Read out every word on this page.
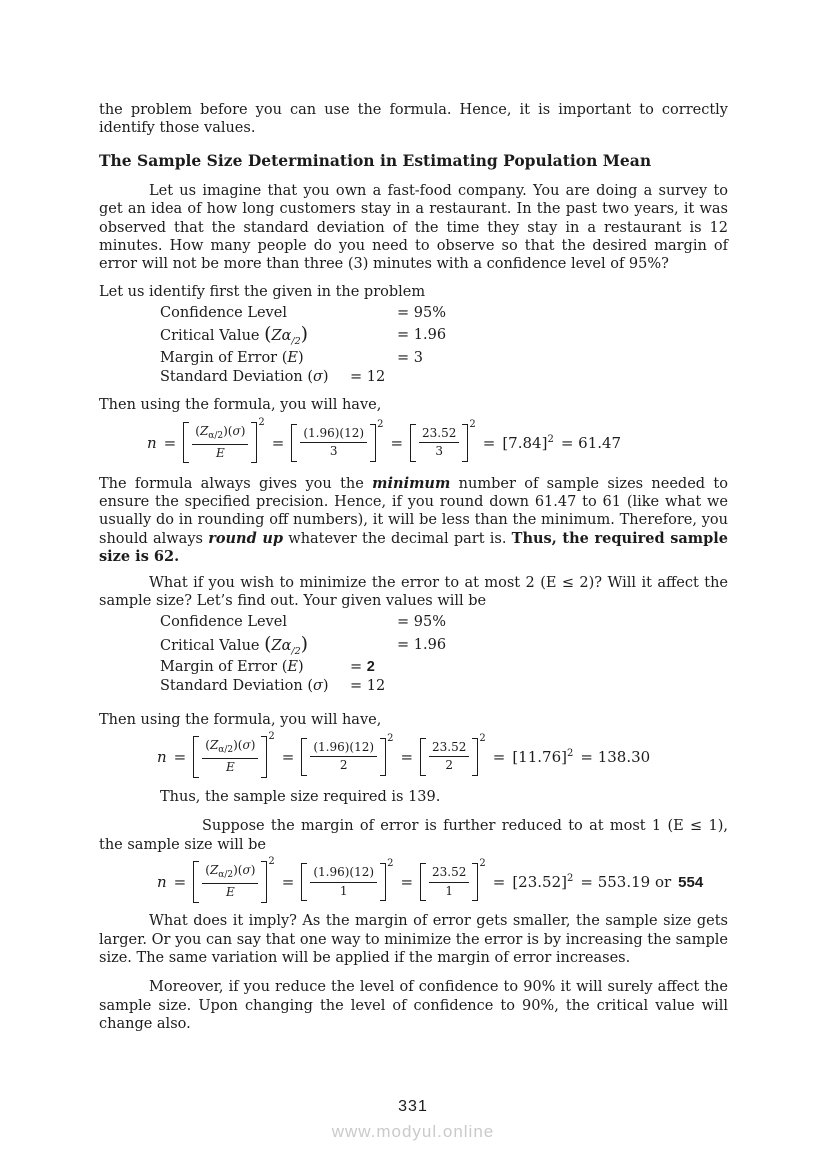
the problem before you can use the formula. Hence, it is important to correctly identify those values.

The Sample Size Determination in Estimating Population Mean

Let us imagine that you own a fast-food company. You are doing a survey to get an idea of how long customers stay in a restaurant. In the past two years, it was observed that the standard deviation of the time they stay in a restaurant is 12 minutes. How many people do you need to observe so that the desired margin of error will not be more than three (3) minutes with a confidence level of 95%?

Let us identify first the given in the problem

Confidence Level	= 95%
Critical Value $(Z\alpha_{/2})$	= 1.96
Margin of Error (E)	= 3
Standard Deviation (σ) = 12

Then using the formula, you will have,

$n = \frac{(Z_{\alpha/2})(\sigma)}{E} 2$
= $\frac{(1.96)(12)}{3} 2$
= $\frac{23.52}{3} 2$
= $[7.84]^2 = 61.47$

The formula always gives you the minimum number of sample sizes needed to ensure the specified precision. Hence, if you round down 61.47 to 61 (like what we usually do in rounding off numbers), it will be less than the minimum. Therefore, you should always round up whatever the decimal part is. Thus, the required sample size is 62.

What if you wish to minimize the error to at most 2 (E ≤ 2)? Will it affect the sample size? Let’s find out. Your given values will be

Confidence Level	= 95%
Critical Value $(Z\alpha_{/2})$	= 1.96
Margin of Error (E)	= 2
Standard Deviation (σ) = 12

Then using the formula, you will have,

$n = \frac{(Z_{\alpha/2})(\sigma)}{E} 2$
= $\frac{(1.96)(12)}{2} 2$
= $\frac{23.52}{2} 2$
= $[11.76]^2 = 138.30$

Thus, the sample size required is 139.

Suppose the margin of error is further reduced to at most 1 (E ≤ 1), the sample size will be

$n = \frac{(Z_{\alpha/2})(\sigma)}{E} 2$
= $\frac{(1.96)(12)}{1} 2$
= $\frac{23.52}{1} 2$
= $[23.52]^2 = 553.19$ or 554

What does it imply? As the margin of error gets smaller, the sample size gets larger. Or you can say that one way to minimize the error is by increasing the sample size. The same variation will be applied if the margin of error increases.

Moreover, if you reduce the level of confidence to 90% it will surely affect the sample size. Upon changing the level of confidence to 90%, the critical value will change also.

331
www.modyul.online
